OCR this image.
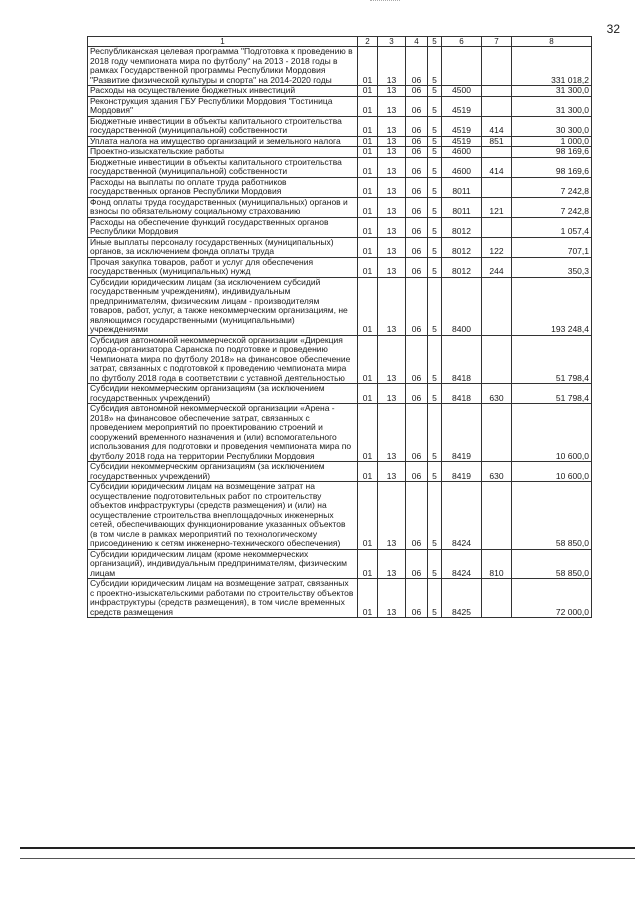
32
1	2	3	4	5	6	7	8
Республиканская целевая программа "Подготовка к проведению в 2018 году чемпионата мира по футболу" на 2013 - 2018 годы в рамках Государственной программы Республики Мордовия "Развитие физической культуры и спорта" на 2014-2020 годы	01	13	06	5			331 018,2
Расходы на осуществление бюджетных инвестиций	01	13	06	5	4500		31 300,0
Реконструкция здания ГБУ Республики Мордовия "Гостиница Мордовия"	01	13	06	5	4519		31 300,0
Бюджетные инвестиции в объекты капитального строительства государственной (муниципальной) собственности	01	13	06	5	4519	414	30 300,0
Уплата налога на имущество организаций и земельного налога	01	13	06	5	4519	851	1 000,0
Проектно-изыскательские работы	01	13	06	5	4600		98 169,6
Бюджетные инвестиции в объекты капитального строительства государственной (муниципальной) собственности	01	13	06	5	4600	414	98 169,6
Расходы на выплаты по оплате труда работников государственных органов Республики Мордовия	01	13	06	5	8011		7 242,8
Фонд оплаты труда государственных (муниципальных) органов и взносы по обязательному социальному страхованию	01	13	06	5	8011	121	7 242,8
Расходы на обеспечение функций государственных органов Республики Мордовия	01	13	06	5	8012		1 057,4
Иные выплаты персоналу государственных (муниципальных) органов, за исключением фонда оплаты труда	01	13	06	5	8012	122	707,1
Прочая закупка товаров, работ и услуг для обеспечения государственных (муниципальных) нужд	01	13	06	5	8012	244	350,3
Субсидии юридическим лицам (за исключением субсидий государственным учреждениям), индивидуальным предпринимателям, физическим лицам - производителям товаров, работ, услуг, а также некоммерческим организациям, не являющимся государственными (муниципальными) учреждениями	01	13	06	5	8400		193 248,4
Субсидия автономной некоммерческой организации «Дирекция города-организатора Саранска по подготовке и проведению Чемпионата мира по футболу 2018» на финансовое обеспечение затрат, связанных с подготовкой к проведению чемпионата мира по футболу 2018 года в соответствии с уставной деятельностью	01	13	06	5	8418		51 798,4
Субсидии некоммерческим организациям (за исключением государственных учреждений)	01	13	06	5	8418	630	51 798,4
Субсидия автономной некоммерческой организации «Арена - 2018» на финансовое обеспечение затрат, связанных с проведением мероприятий по проектированию строений и сооружений временного назначения и (или) вспомогательного использования для подготовки и проведения чемпионата мира по футболу 2018 года на территории Республики Мордовия	01	13	06	5	8419		10 600,0
Субсидии некоммерческим организациям (за исключением государственных учреждений)	01	13	06	5	8419	630	10 600,0
Субсидии юридическим лицам на возмещение затрат на осуществление подготовительных работ по строительству объектов инфраструктуры (средств размещения) и (или) на осуществление строительства внеплощадочных инженерных сетей, обеспечивающих функционирование указанных объектов (в том числе в рамках мероприятий по технологическому присоединению к сетям инженерно-технического обеспечения)	01	13	06	5	8424		58 850,0
Субсидии юридическим лицам (кроме некоммерческих организаций), индивидуальным предпринимателям, физическим лицам	01	13	06	5	8424	810	58 850,0
Субсидии юридическим лицам на возмещение затрат, связанных с проектно-изыскательскими работами по строительству объектов инфраструктуры (средств размещения), в том числе временных средств размещения	01	13	06	5	8425		72 000,0
